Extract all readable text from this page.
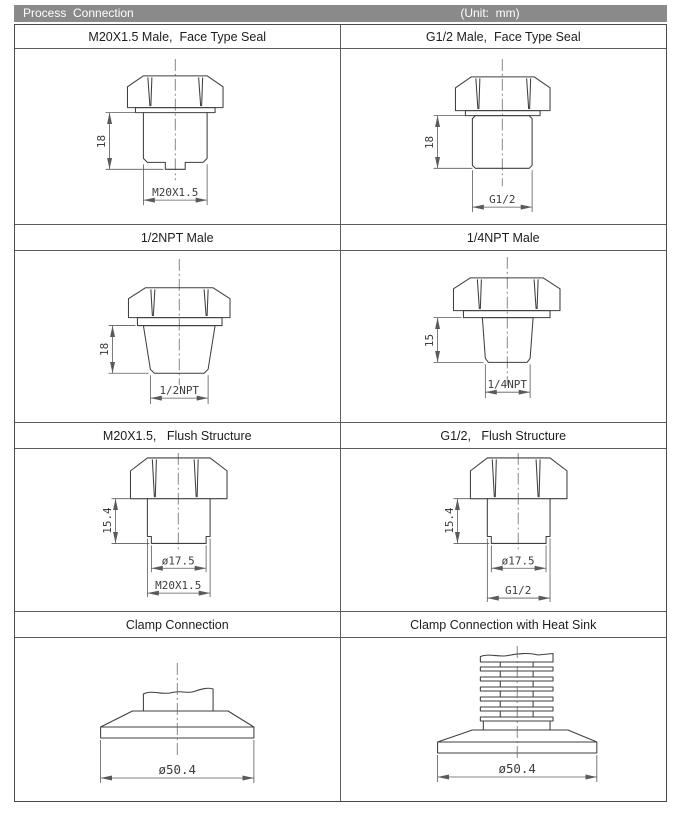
Process  Connection	(Unit:  mm)
M20X1.5 Male,  Face Type Seal	G1/2 Male,  Face Type Seal
18
M20X1.5
18
G1/2
1/2NPT Male	1/4NPT Male
18
1/2NPT
15
1/4NPT
M20X1.5,   Flush Structure	G1/2,   Flush Structure
15.4
ø17.5
M20X1.5
15.4
ø17.5
G1/2
Clamp Connection	Clamp Connection with Heat Sink
ø50.4	ø50.4
